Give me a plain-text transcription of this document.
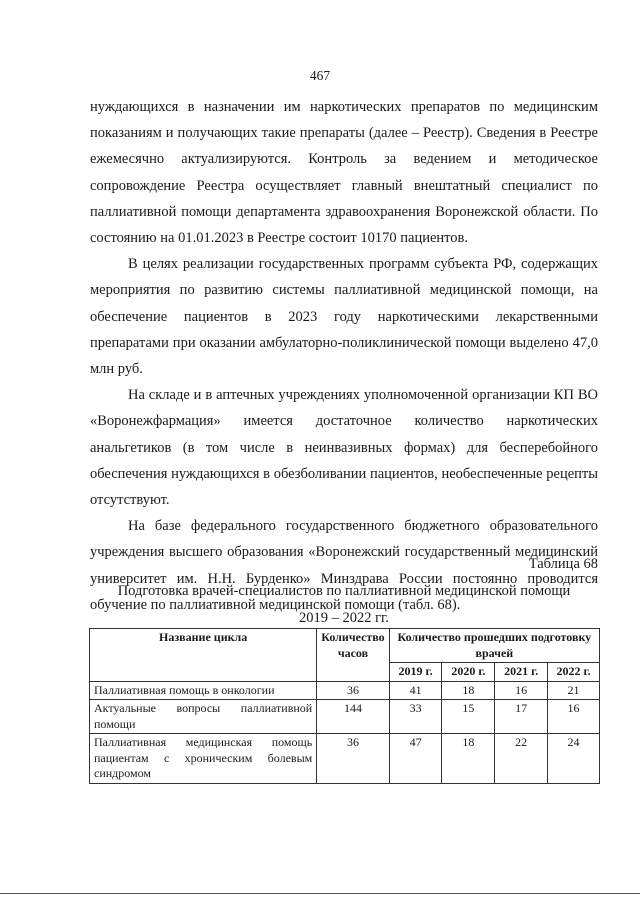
467

нуждающихся в назначении им наркотических препаратов по медицинским показаниям и получающих такие препараты (далее – Реестр). Сведения в Реестре ежемесячно актуализируются. Контроль за ведением и методическое сопровождение Реестра осуществляет главный внештатный специалист по паллиативной помощи департамента здравоохранения Воронежской области. По состоянию на 01.01.2023 в Реестре состоит 10170 пациентов.

В целях реализации государственных программ субъекта РФ, содержащих мероприятия по развитию системы паллиативной медицинской помощи, на обеспечение пациентов в 2023 году наркотическими лекарственными препаратами при оказании амбулаторно-поликлинической помощи выделено 47,0 млн руб.

На складе и в аптечных учреждениях уполномоченной организации КП ВО «Воронежфармация» имеется достаточное количество наркотических анальгетиков (в том числе в неинвазивных формах) для бесперебойного обеспечения нуждающихся в обезболивании пациентов, необеспеченные рецепты отсутствуют.

На базе федерального государственного бюджетного образовательного учреждения высшего образования «Воронежский государственный медицинский университет им. Н.Н. Бурденко» Минздрава России постоянно проводится обучение по паллиативной медицинской помощи (табл. 68).

Таблица 68
Подготовка врачей-специалистов по паллиативной медицинской помощи
2019 – 2022 гг.
Название цикла	Количество часов	Количество прошедших подготовку врачей			
		2019 г.	2020 г.	2021 г.	2022 г.
Паллиативная помощь в онкологии	36	41	18	16	21
Актуальные вопросы паллиативной помощи	144	33	15	17	16
Паллиативная медицинская помощь пациентам с хроническим болевым синдромом	36	47	18	22	24
